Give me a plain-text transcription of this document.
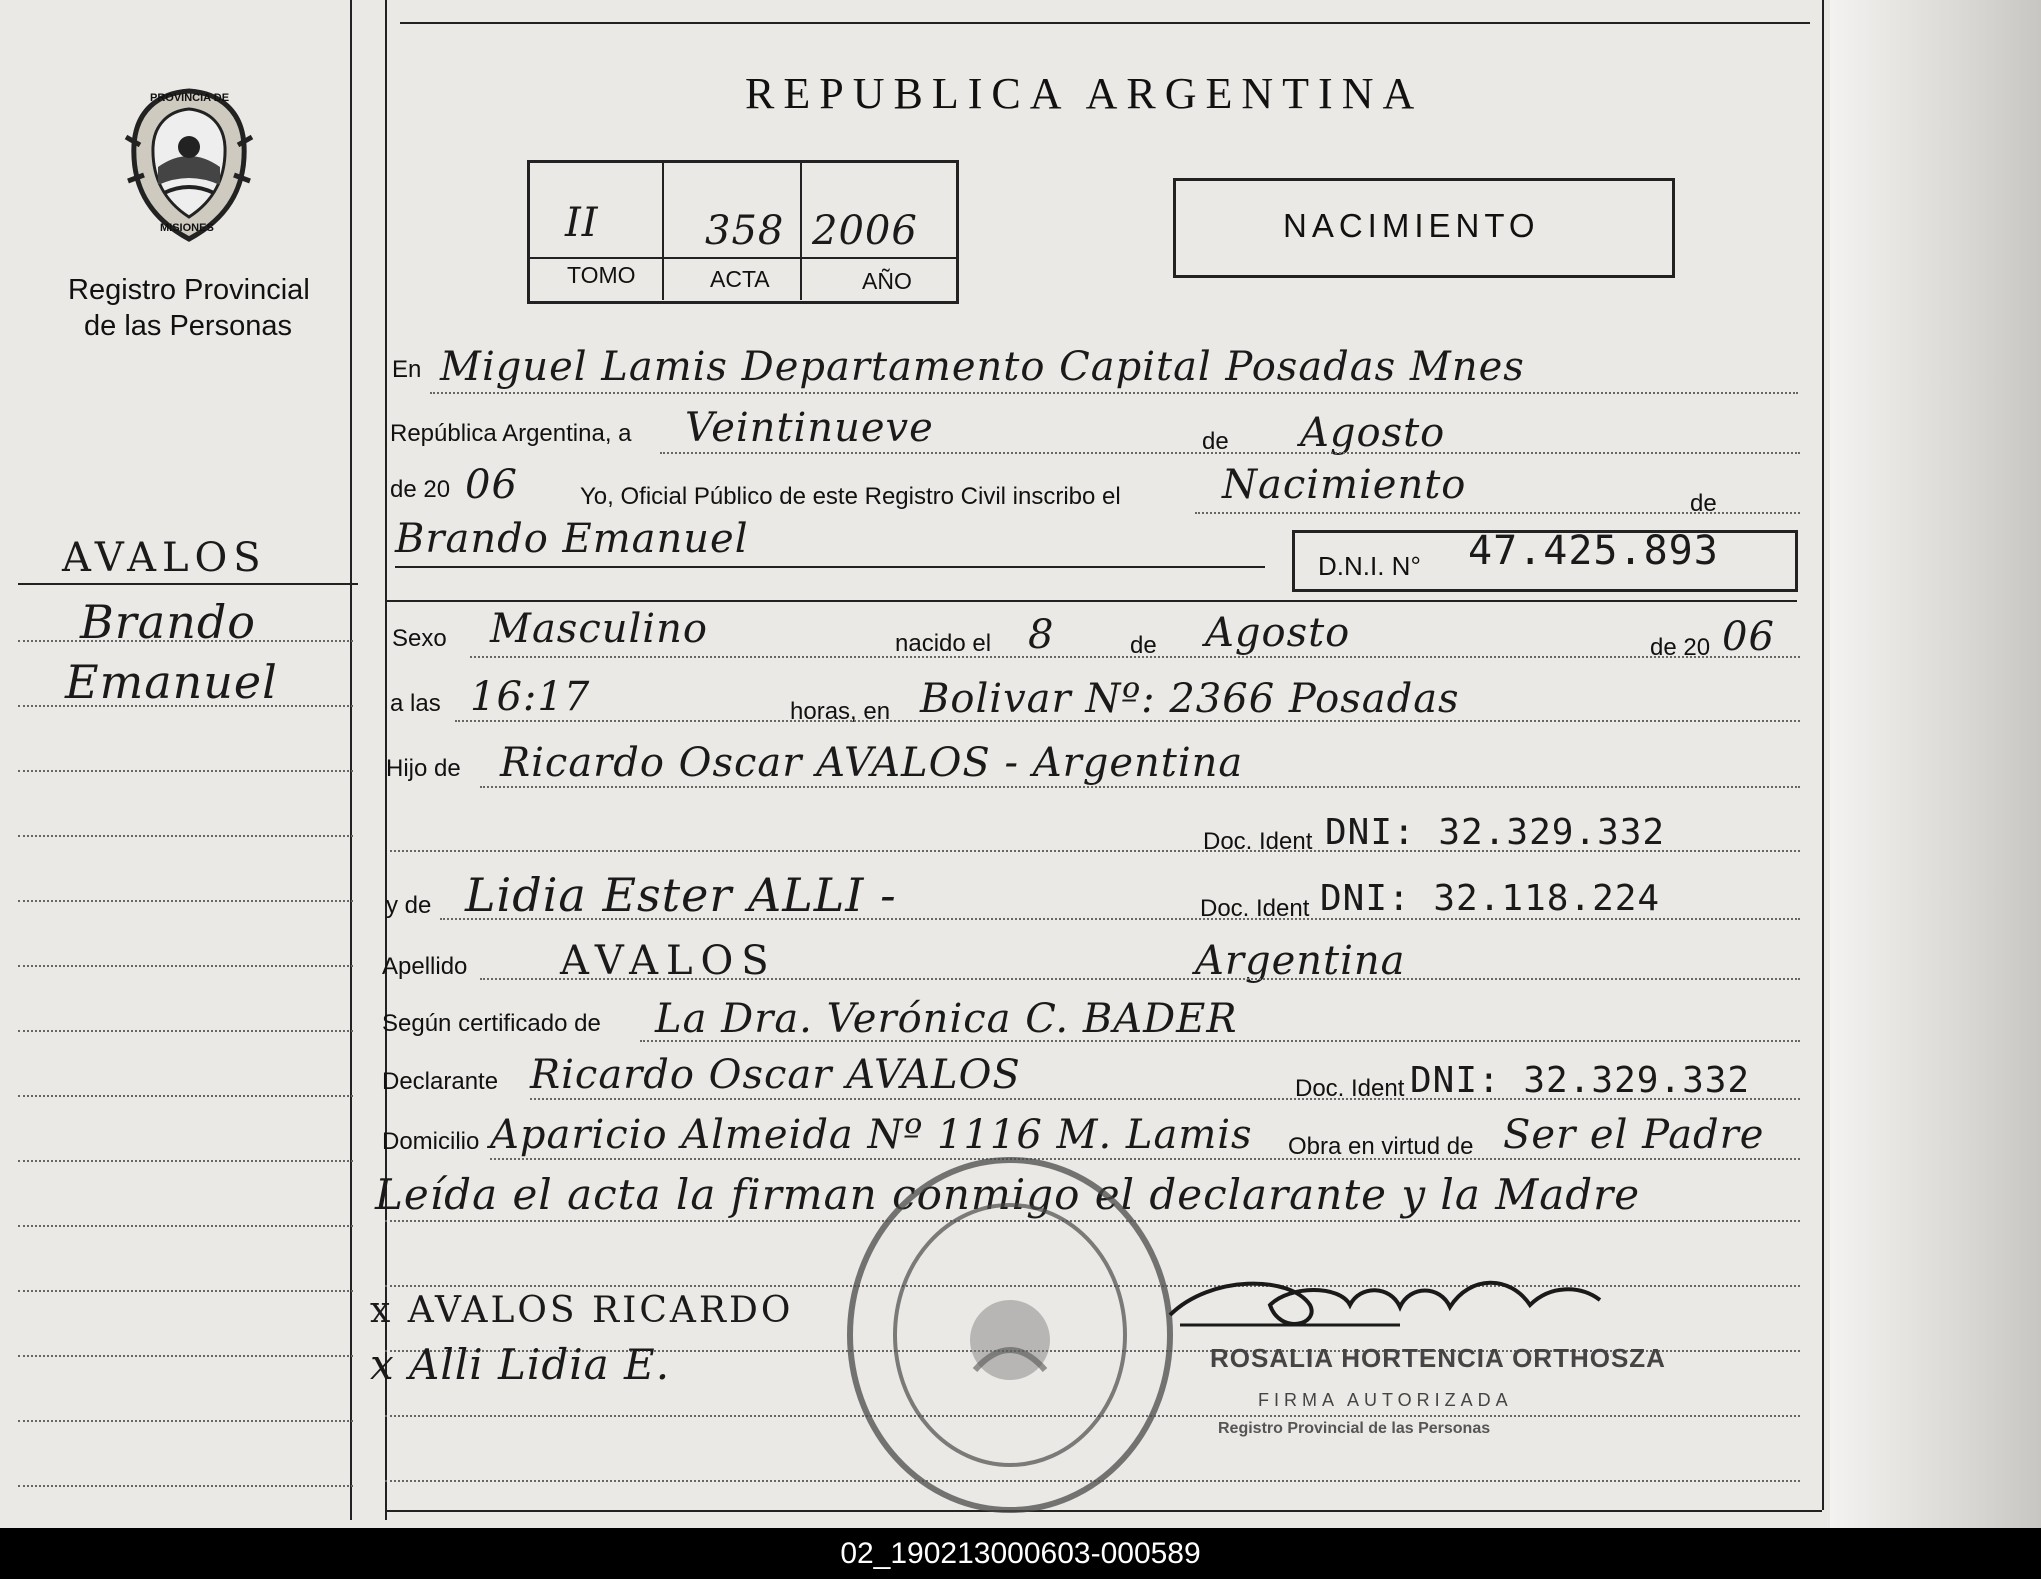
PROVINCIA DE
MISIONES
Registro Provincial
de las Personas
AVALOS
Brando
Emanuel
REPUBLICA ARGENTINA
II	358 2006
TOMO	ACTA	AÑO
NACIMIENTO
En Miguel Lamis Departamento Capital Posadas Mnes
República Argentina, a Veintinueve	de Agosto
de 20 06	Yo, Oficial Público de este Registro Civil inscribo el	Nacimiento	de
Brando Emanuel
D.N.I. N° 47.425.893
Sexo Masculino	nacido el 8	de Agosto	de 20 06
a las 16:17	horas, en Bolivar Nº: 2366 Posadas
Hijo de Ricardo Oscar AVALOS - Argentina
Doc. Ident DNI: 32.329.332
y de Lidia Ester ALLI -	Doc. Ident DNI: 32.118.224
Apellido AVALOS	Argentina
Según certificado de La Dra. Verónica C. BADER
Declarante Ricardo Oscar AVALOS	Doc. Ident DNI: 32.329.332
Domicilio Aparicio Almeida Nº 1116 M. Lamis Obra en virtud de Ser el Padre
Leída el acta la firman conmigo el declarante y la Madre
x AVALOS RICARDO
x Alli Lidia E.	ROSALIA HORTENCIA ORTHOSZA
FIRMA AUTORIZADA
Registro Provincial de las Personas
02_190213000603-000589
